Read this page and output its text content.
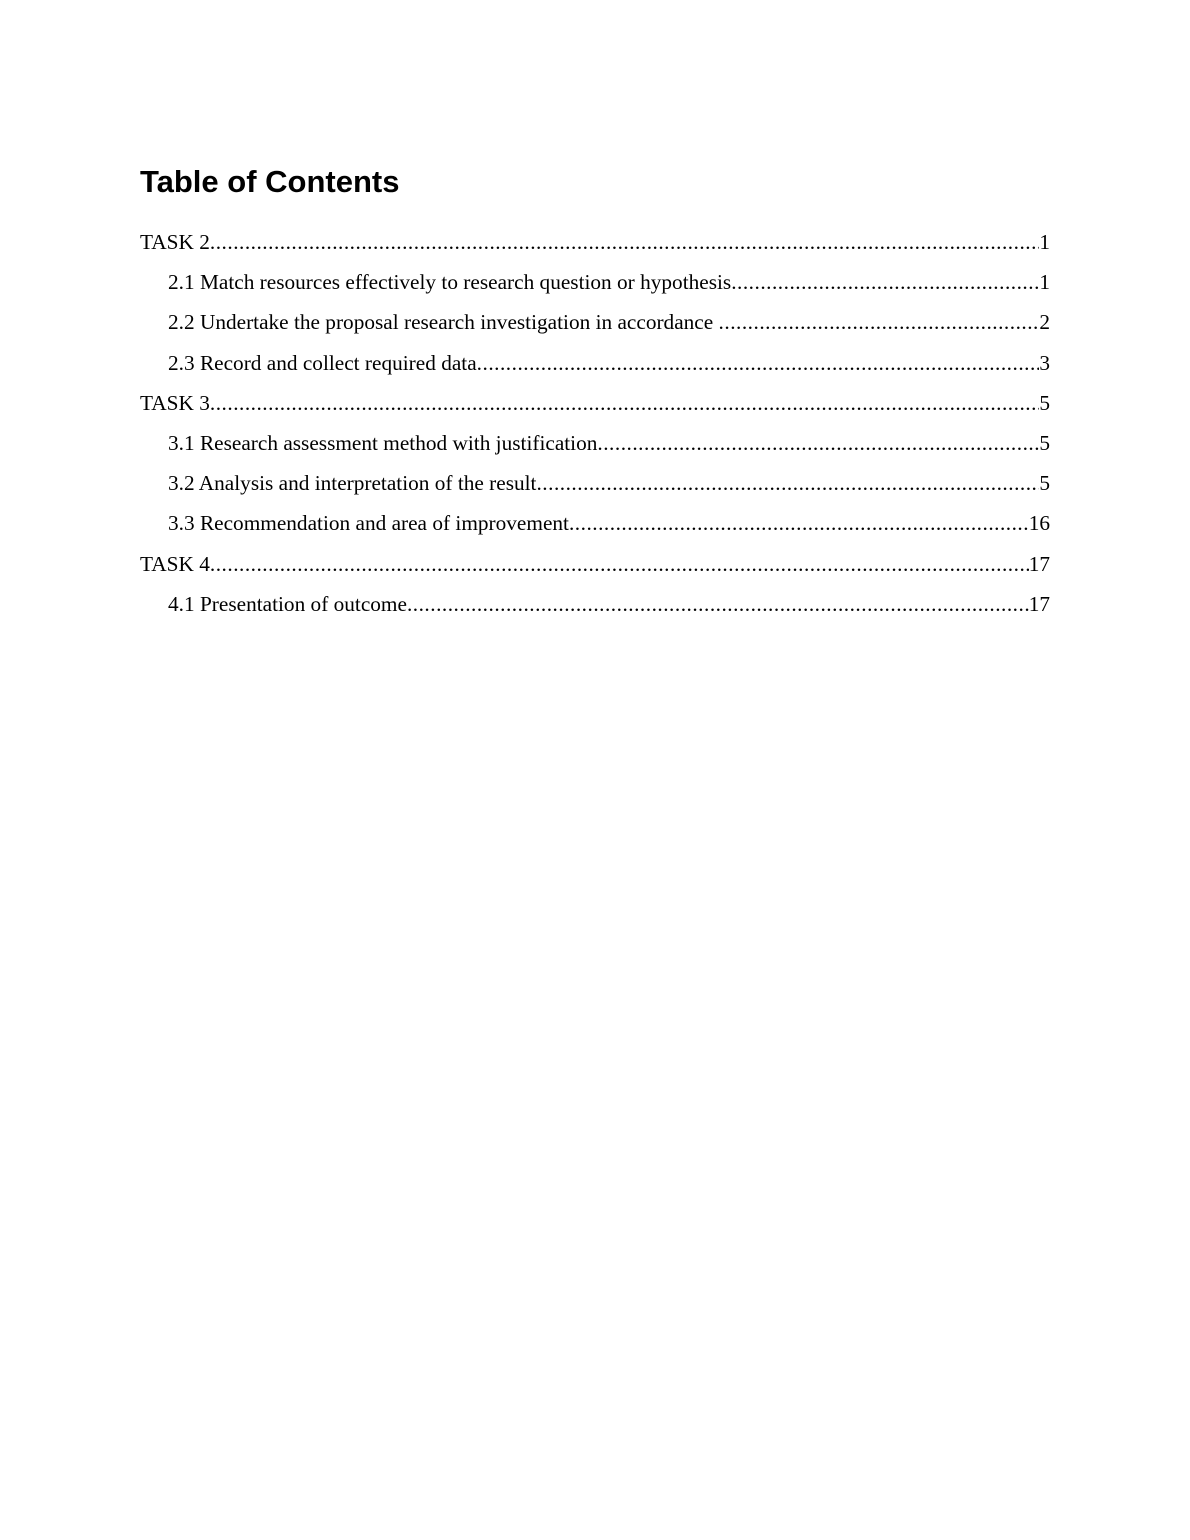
Table of Contents
TASK 2 .....	1
2.1 Match resources effectively to research question or hypothesis .....	1
2.2 Undertake the proposal research investigation in accordance .....	2
2.3 Record and collect required data .....	3
TASK 3 .....	5
3.1 Research assessment method with justification .....	5
3.2 Analysis and interpretation of the result .....	5
3.3 Recommendation and area of improvement .....	16
TASK 4 .....	17
4.1 Presentation of outcome .....	17
